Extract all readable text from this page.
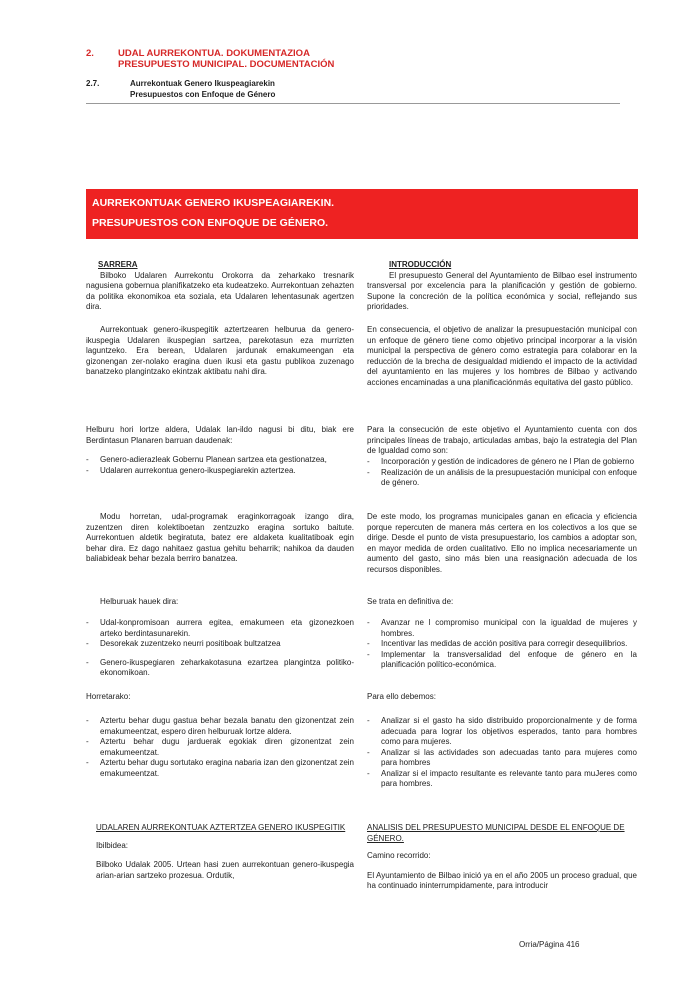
2.	UDAL AURREKONTUA. DOKUMENTAZIOA
PRESUPUESTO MUNICIPAL. DOCUMENTACIÓN
2.7.	Aurrekontuak Genero Ikuspeagiarekin
Presupuestos con Enfoque de Género
AURREKONTUAK GENERO IKUSPEAGIAREKIN.
PRESUPUESTOS CON ENFOQUE DE GÉNERO.

SARRERA

Bilboko Udalaren Aurrekontu Orokorra da zeharkako tresnarik nagusiena gobernua planifikatzeko eta kudeatzeko. Aurrekontuan zehazten da politika ekonomikoa eta soziala, eta Udalaren lehentasunak agertzen dira.

Aurrekontuak genero-ikuspegitik aztertzearen helburua da genero-ikuspegia Udalaren ikuspegian sartzea, parekotasun eza murrizten laguntzeko. Era berean, Udalaren jardunak emakumeengan eta gizonengan zer-nolako eragina duen ikusi eta gastu publikoa zuzenago banatzeko plangintzako ekintzak aktibatu nahi dira.

Helburu hori lortze aldera, Udalak lan-ildo nagusi bi ditu, biak ere Berdintasun Planaren barruan daudenak:

- Genero-adierazleak Gobernu Planean sartzea eta gestionatzea,
- Udalaren aurrekontua genero-ikuspegiarekin aztertzea.

Modu horretan, udal-programak eraginkorragoak izango dira, zuzentzen diren kolektiboetan zentzuzko eragina sortuko baitute. Aurrekontuen aldetik begiratuta, batez ere aldaketa kualitatiboak egin behar dira. Ez dago nahitaez gastua gehitu beharrik; nahikoa da dauden baliabideak behar bezala berriro banatzea.

Helburuak hauek dira:

- Udal-konpromisoan aurrera egitea, emakumeen eta gizonezkoen arteko berdintasunarekin.
- Desorekak zuzentzeko neurri positiboak bultzatzea
- Genero-ikuspegiaren zeharkakotasuna ezartzea plangintza politiko-ekonomikoan.

Horretarako:

- Aztertu behar dugu gastua behar bezala banatu den gizonentzat zein emakumeentzat, espero diren helburuak lortze aldera.
- Aztertu behar dugu jarduerak egokiak diren gizonentzat zein emakumeentzat.
- Aztertu behar dugu sortutako eragina nabaria izan den gizonentzat zein emakumeentzat.

UDALAREN AURREKONTUAK AZTERTZEA GENERO IKUSPEGITIK

Ibilbidea:

Bilboko Udalak 2005. Urtean hasi zuen aurrekontuan genero-ikuspegia arian-arian sartzeko prozesua. Ordutik,

INTRODUCCIÓN

El presupuesto General del Ayuntamiento de Bilbao esel instrumento transversal por excelencia para la planificación y gestión de gobierno. Supone la concreción de la política económica y social, reflejando sus prioridades.

En consecuencia, el objetivo de analizar la presupuestación municipal con un enfoque de género tiene como objetivo principal incorporar a la visión municipal la perspectiva de género como estrategia para colaborar en la reducción de la brecha de desigualdad midiendo el impacto de la actividad del ayuntamiento en las mujeres y los hombres de Bilbao y activando acciones encaminadas a una planificaciónmás equitativa del gasto público.

Para la consecución de este objetivo el Ayuntamiento cuenta con dos principales líneas de trabajo, articuladas ambas, bajo la estrategia del Plan de Igualdad como son:

- Incorporación y gestión de indicadores de género ne l Plan de gobierno
- Realización de un análisis de la presupuestación municipal con enfoque de género.

De este modo, los programas municipales ganan en eficacia y eficiencia porque repercuten de manera más certera en los colectivos a los que se dirige. Desde el punto de vista presupuestario, los cambios a adoptar son, en mayor medida de orden cualitativo. Ello no implica necesariamente un aumento del gasto, sino más bien una reasignación adecuada de los recursos disponibles.

Se trata en definitiva de:

- Avanzar ne l compromiso municipal con la igualdad de mujeres y hombres.
- Incentivar las medidas de acción positiva para corregir desequilibrios.
- Implementar la transversalidad del enfoque de género en la planificación político-económica.

Para ello debemos:

- Analizar si el gasto ha sido distribuido proporcionalmente y de forma adecuada para lograr los objetivos esperados, tanto para hombres como para mujeres.
- Analizar si las actividades son adecuadas tanto para mujeres como para hombres
- Analizar si el impacto resultante es relevante tanto para muJeres como para hombres.

ANALISIS DEL PRESUPUESTO MUNICIPAL DESDE EL ENFOQUE DE GÉNERO.

Camino recorrido:

El Ayuntamiento de Bilbao inició ya en el año 2005 un proceso gradual, que ha continuado ininterrumpidamente, para introducir

Orria/Página 416
